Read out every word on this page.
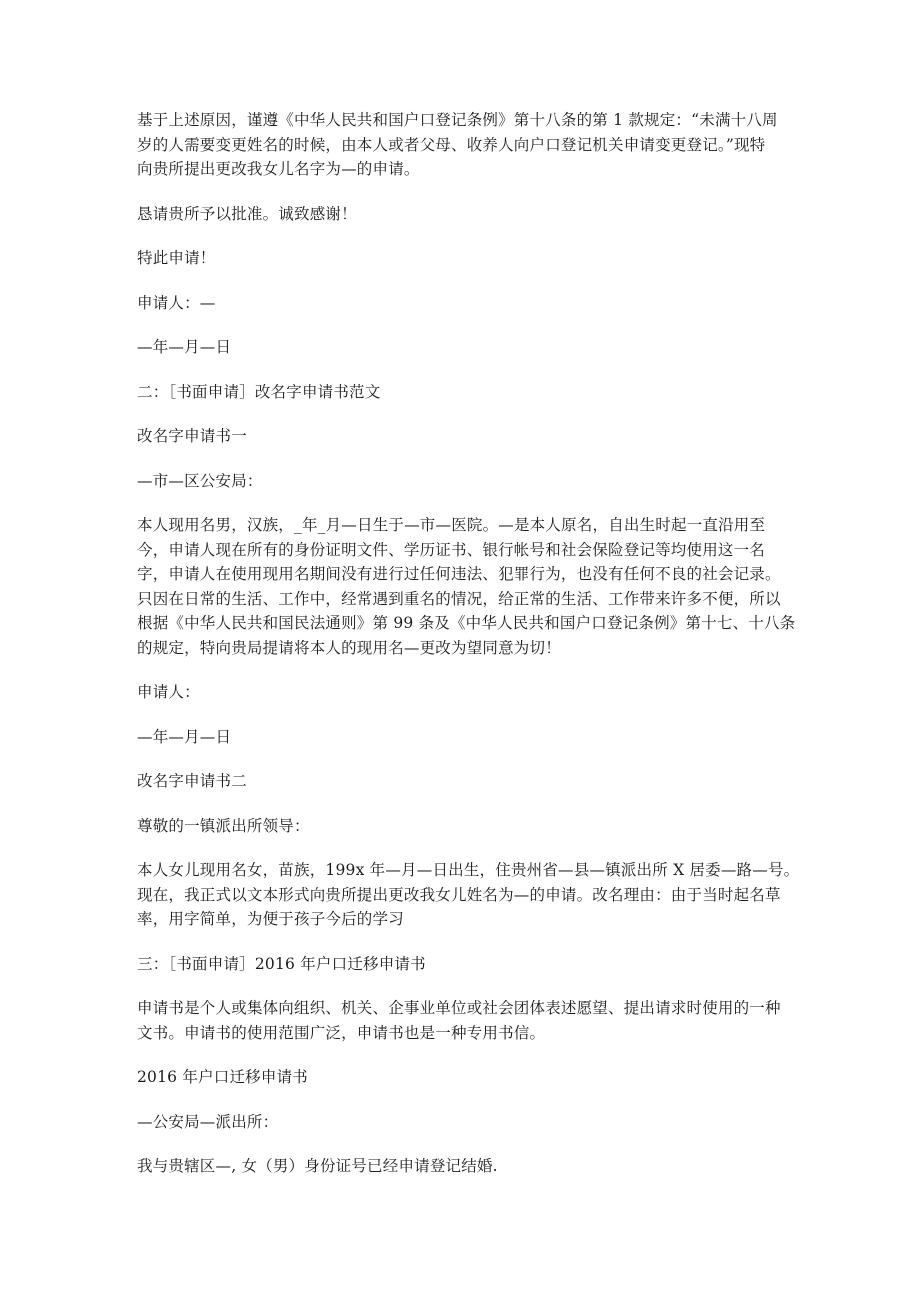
基于上述原因，谨遵《中华人民共和国户口登记条例》第十八条的第 1 款规定：“未满十八周
岁的人需要变更姓名的时候，由本人或者父母、收养人向户口登记机关申请变更登记。”现特
向贵所提出更改我女儿名字为—的申请。

恳请贵所予以批准。诚致感谢！

特此申请！

申请人：—

—年—月—日

二：［书面申请］改名字申请书范文

改名字申请书一

—市—区公安局：

本人现用名男，汉族，_年_月—日生于—市—医院。—是本人原名，自出生时起一直沿用至
今，申请人现在所有的身份证明文件、学历证书、银行帐号和社会保险登记等均使用这一名
字，申请人在使用现用名期间没有进行过任何违法、犯罪行为，也没有任何不良的社会记录。
只因在日常的生活、工作中，经常遇到重名的情况，给正常的生活、工作带来许多不便，所以
根据《中华人民共和国民法通则》第 99 条及《中华人民共和国户口登记条例》第十七、十八条
的规定，特向贵局提请将本人的现用名—更改为望同意为切！

申请人：

—年—月—日

改名字申请书二

尊敬的一镇派出所领导：

本人女儿现用名女，苗族，199x 年—月—日出生，住贵州省—县—镇派出所 X 居委—路—号。
现在，我正式以文本形式向贵所提出更改我女儿姓名为—的申请。改名理由：由于当时起名草
率，用字简单，为便于孩子今后的学习

三：［书面申请］2016 年户口迁移申请书

申请书是个人或集体向组织、机关、企事业单位或社会团体表述愿望、提出请求时使用的一种
文书。申请书的使用范围广泛，申请书也是一种专用书信。

2016 年户口迁移申请书

—公安局—派出所：

我与贵辖区—, 女（男）身份证号已经申请登记结婚.
